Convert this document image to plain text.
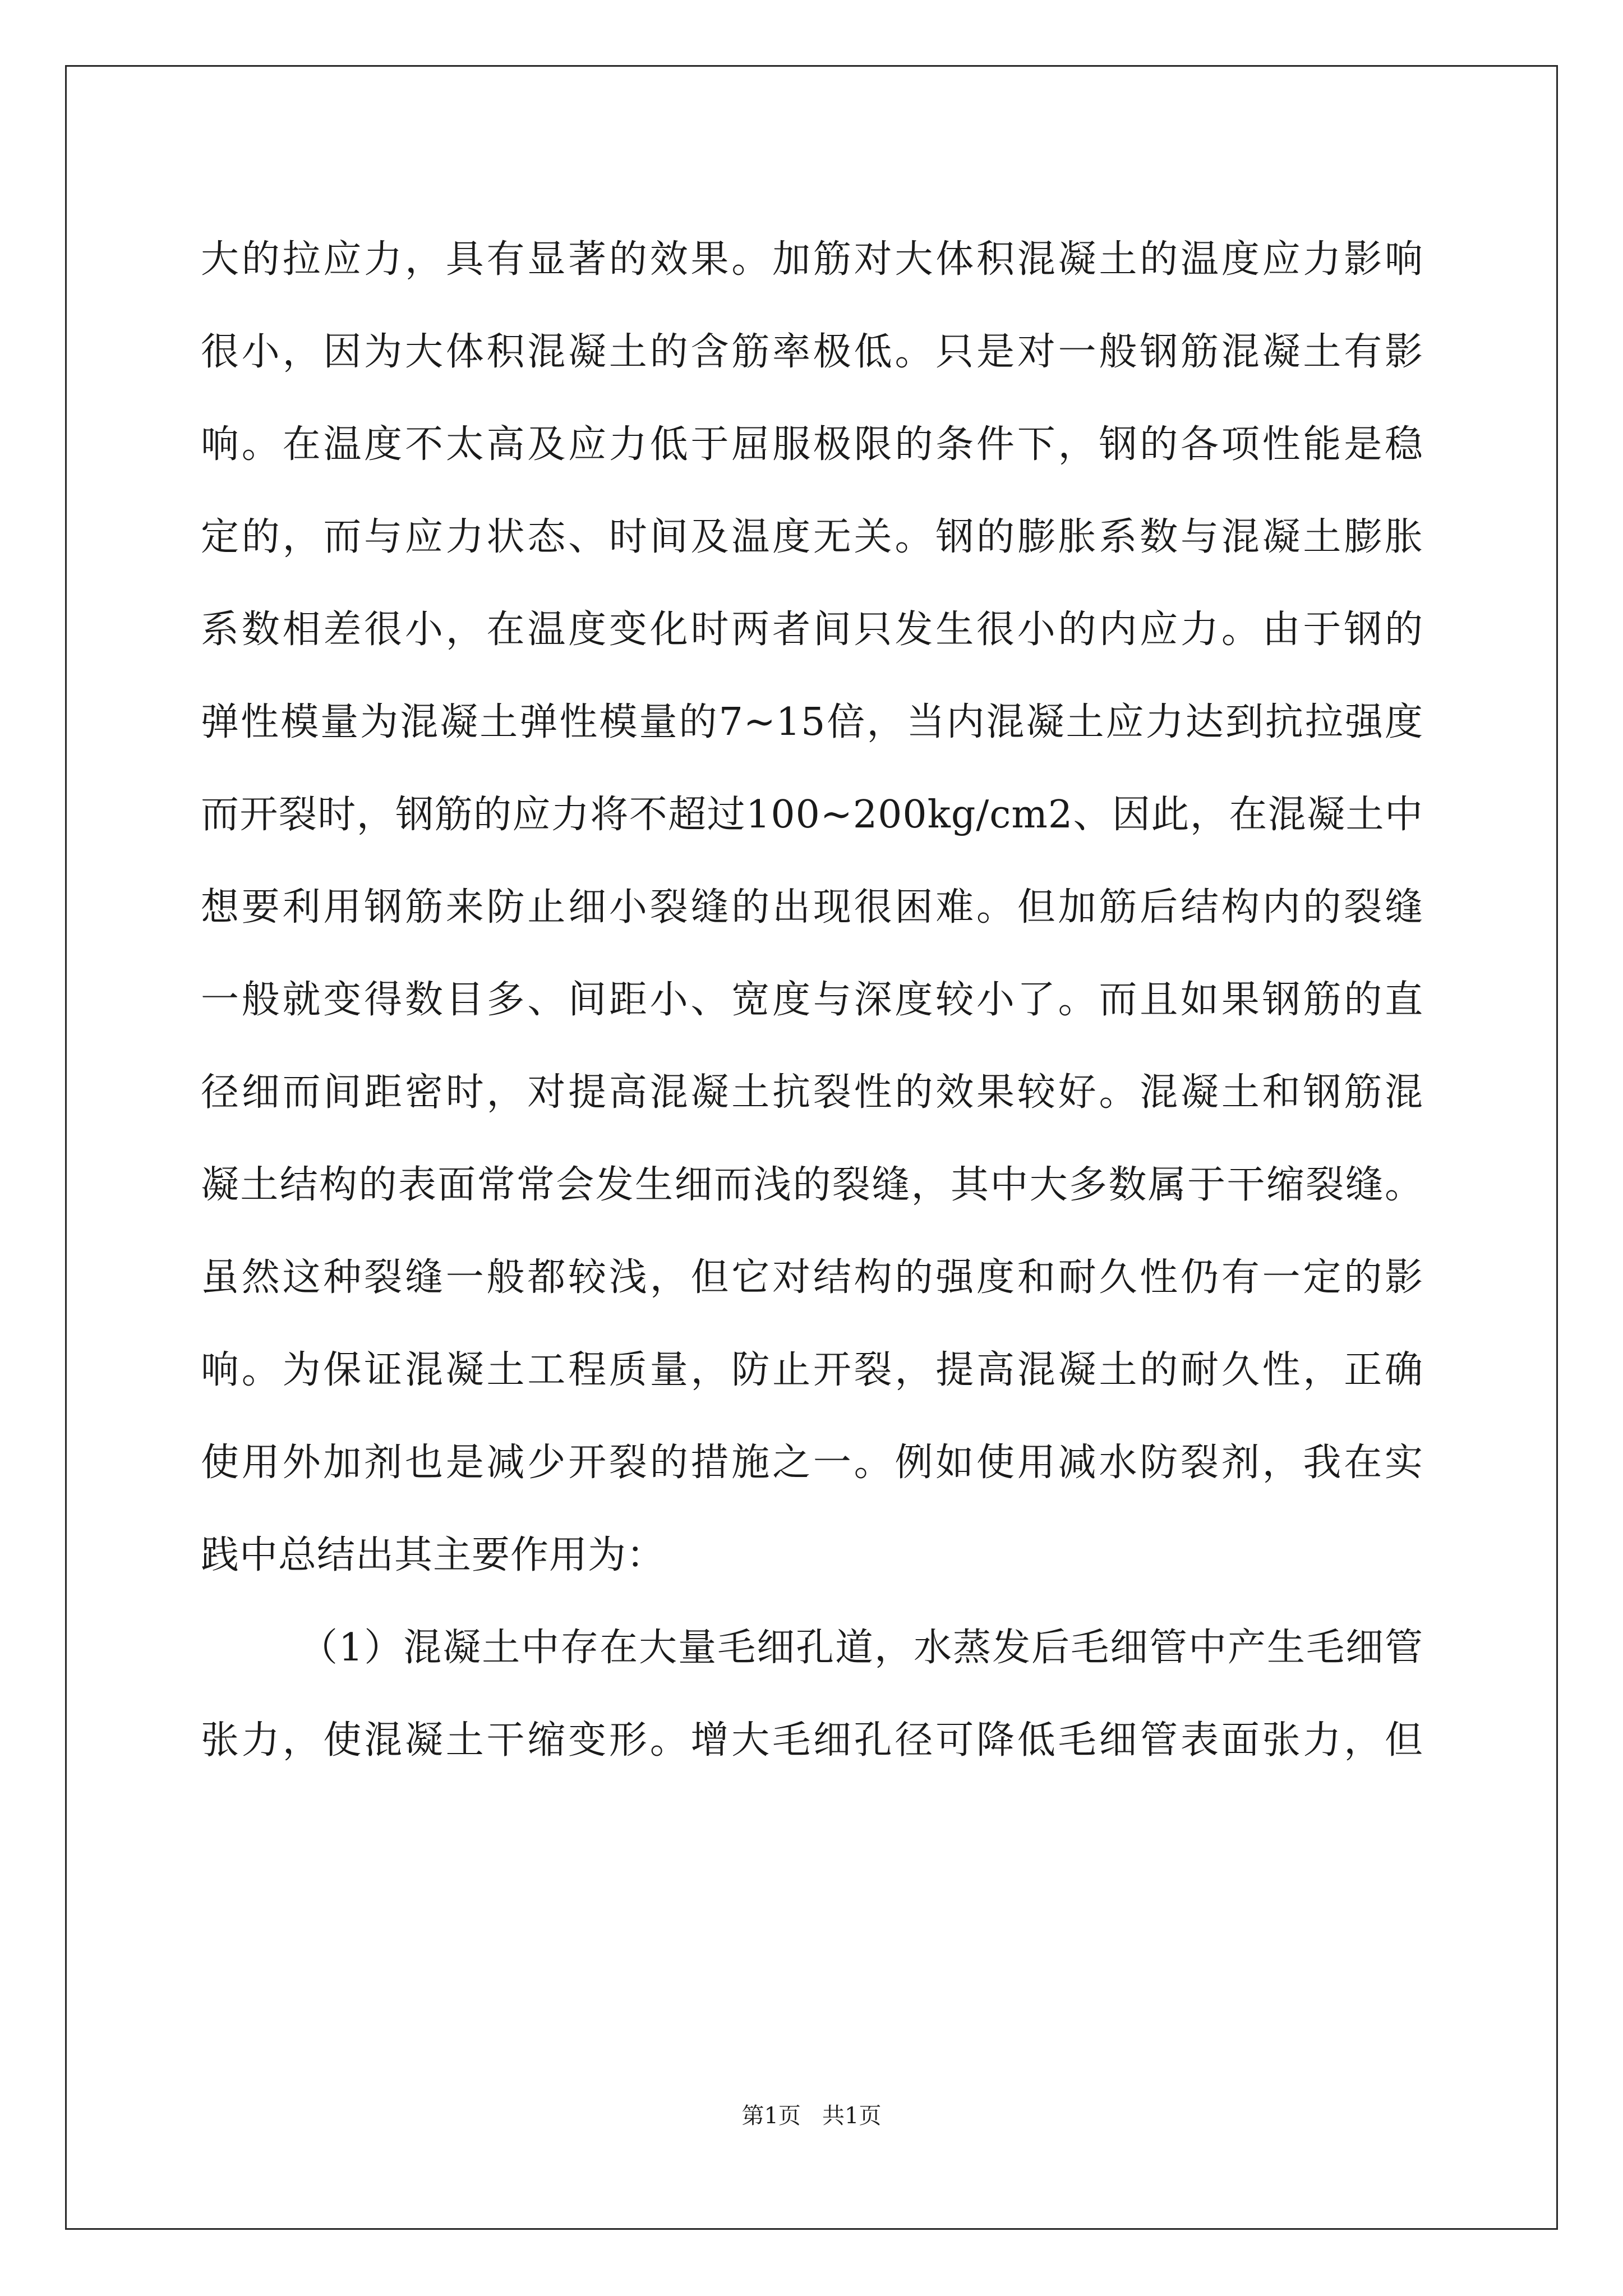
大的拉应力，具有显著的效果。加筋对大体积混凝土的温度应力影响
很小，因为大体积混凝土的含筋率极低。只是对一般钢筋混凝土有影
响。在温度不太高及应力低于屈服极限的条件下，钢的各项性能是稳
定的，而与应力状态、时间及温度无关。钢的膨胀系数与混凝土膨胀
系数相差很小，在温度变化时两者间只发生很小的内应力。由于钢的
弹性模量为混凝土弹性模量的7~15倍，当内混凝土应力达到抗拉强度
而开裂时，钢筋的应力将不超过100~200kg/cm2、因此，在混凝土中
想要利用钢筋来防止细小裂缝的出现很困难。但加筋后结构内的裂缝
一般就变得数目多、间距小、宽度与深度较小了。而且如果钢筋的直
径细而间距密时，对提高混凝土抗裂性的效果较好。混凝土和钢筋混
凝土结构的表面常常会发生细而浅的裂缝，其中大多数属于干缩裂缝。
虽然这种裂缝一般都较浅，但它对结构的强度和耐久性仍有一定的影
响。为保证混凝土工程质量，防止开裂，提高混凝土的耐久性，正确
使用外加剂也是减少开裂的措施之一。例如使用减水防裂剂，我在实
践中总结出其主要作用为：
（1）混凝土中存在大量毛细孔道，水蒸发后毛细管中产生毛细管
张力，使混凝土干缩变形。增大毛细孔径可降低毛细管表面张力，但
第1页   共1页
